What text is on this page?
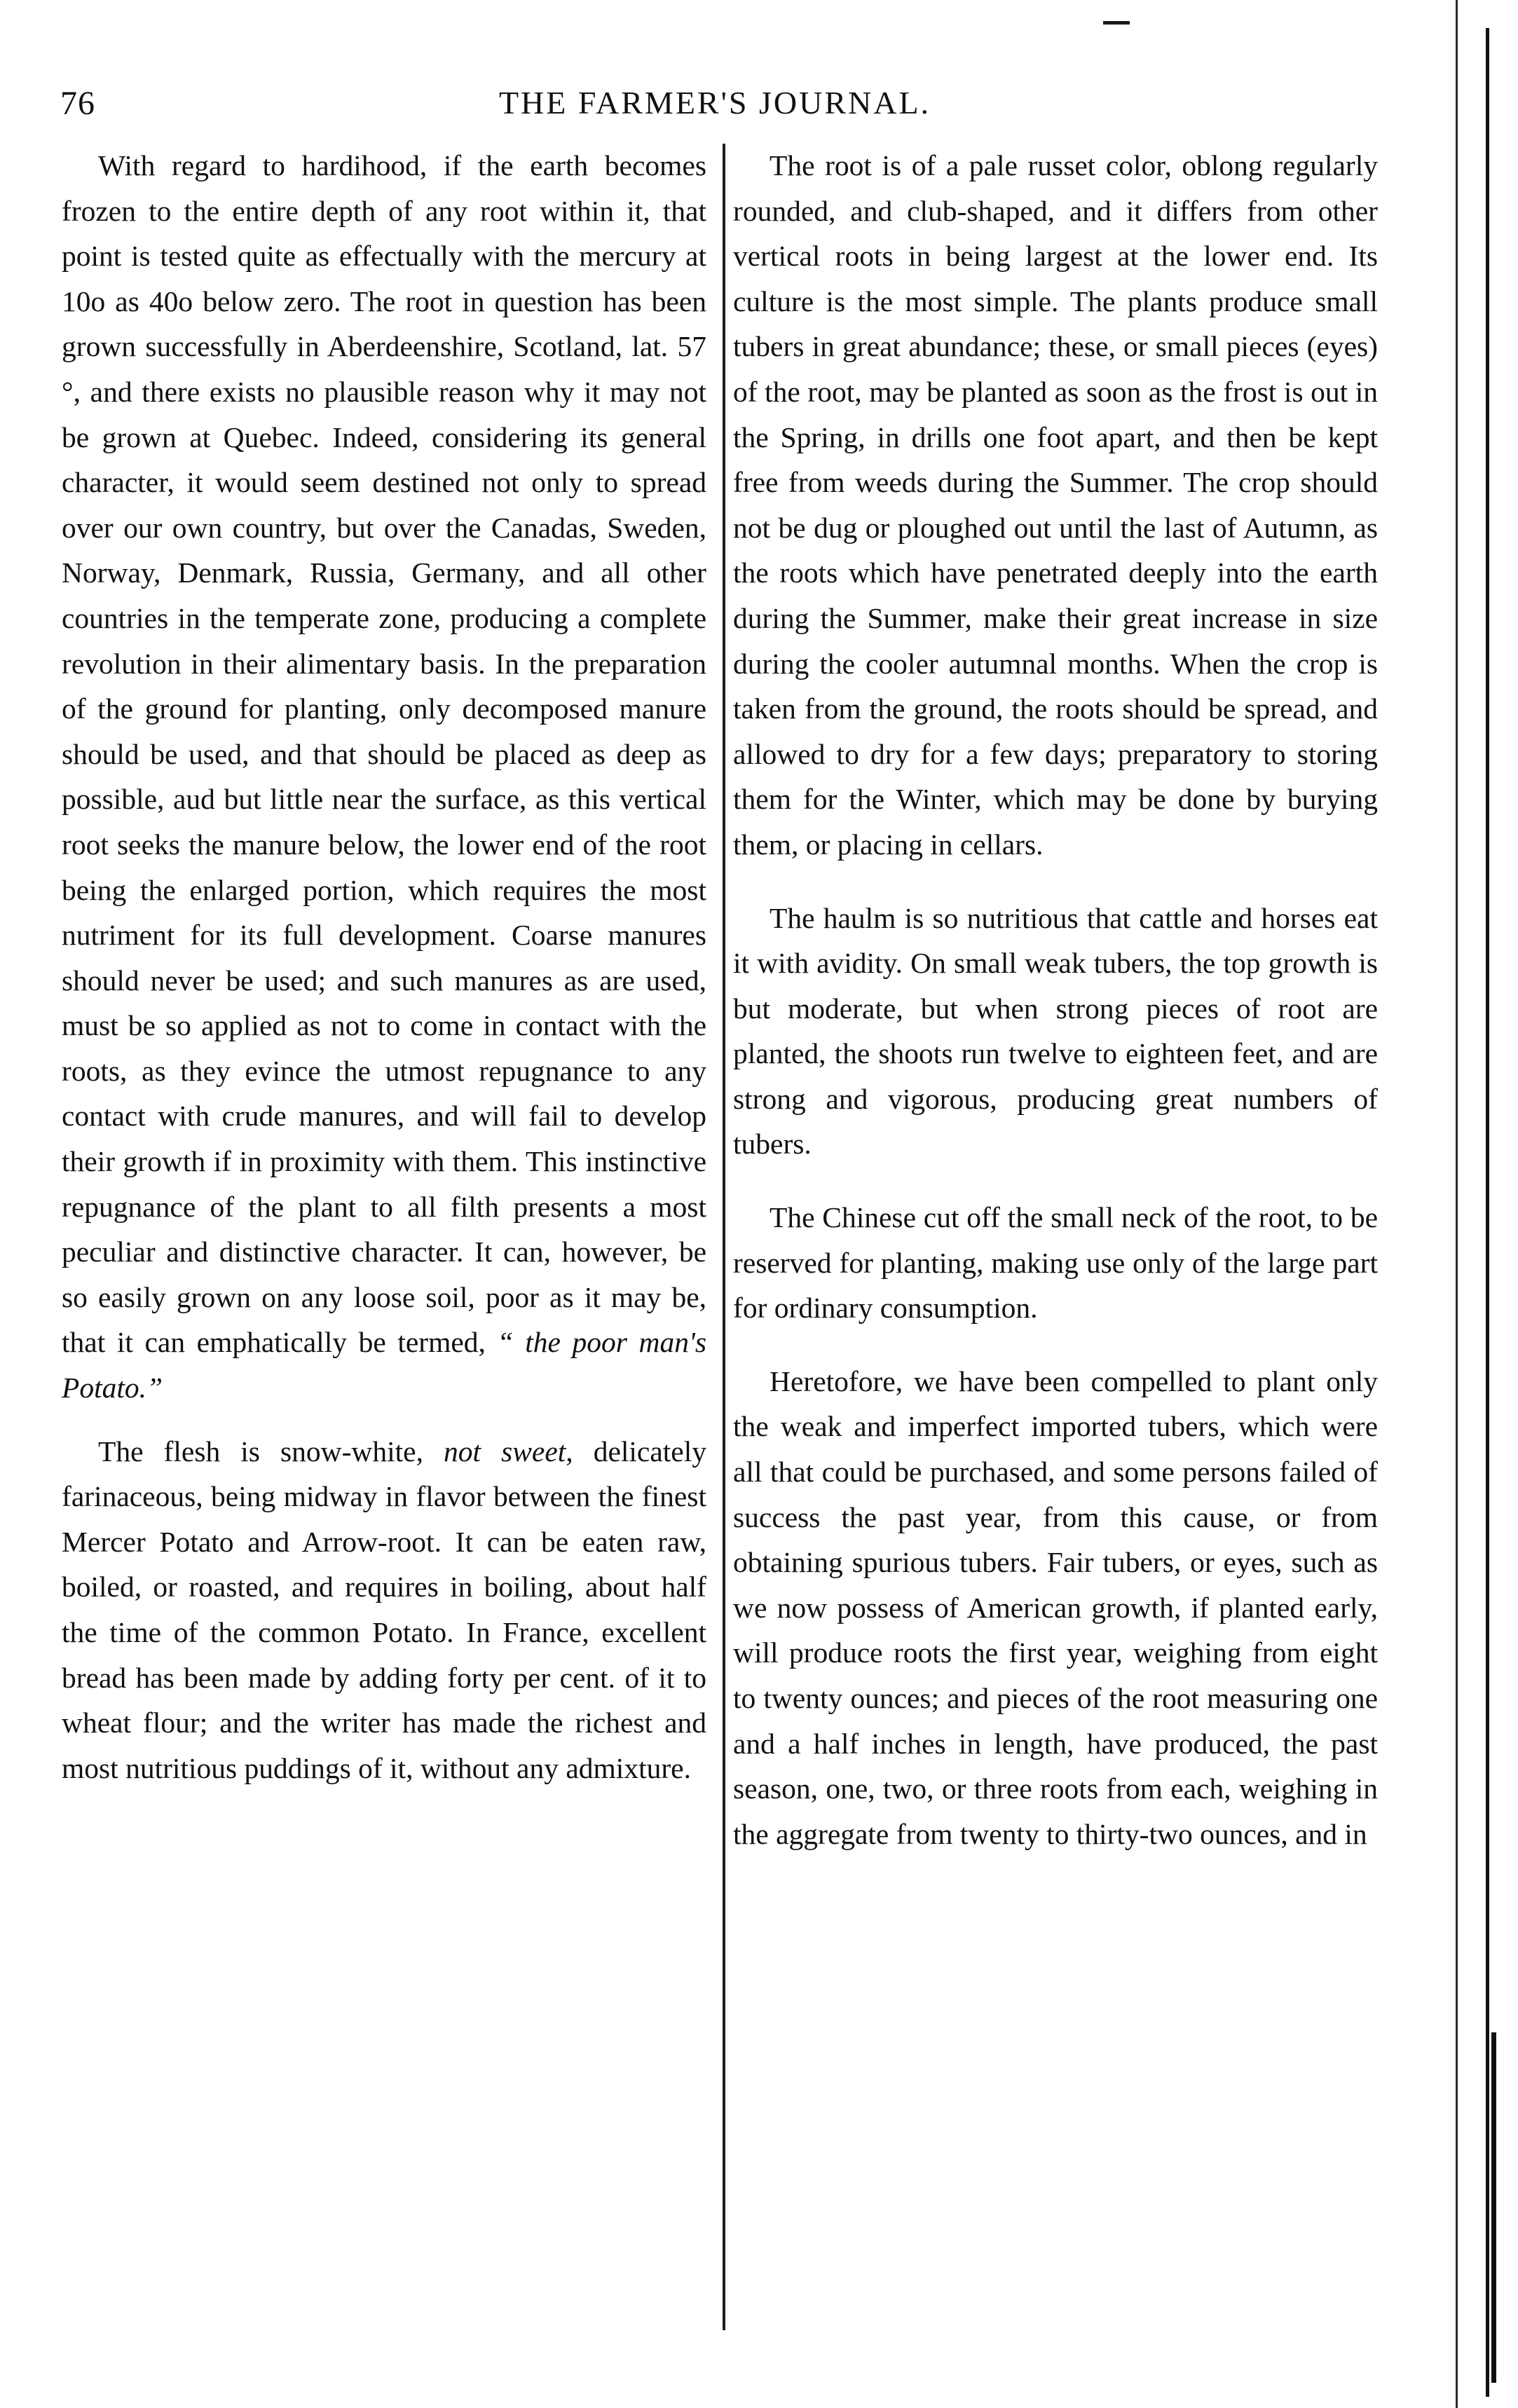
76	THE FARMER'S JOURNAL.

With regard to hardihood, if the earth becomes frozen to the entire depth of any root within it, that point is tested quite as effectually with the mercury at 10o as 40o below zero. The root in question has been grown successfully in Aberdeenshire, Scotland, lat. 57 °, and there exists no plausible reason why it may not be grown at Quebec. Indeed, considering its general character, it would seem destined not only to spread over our own country, but over the Canadas, Sweden, Norway, Denmark, Russia, Germany, and all other countries in the temperate zone, producing a complete revolution in their alimentary basis. In the preparation of the ground for planting, only decomposed manure should be used, and that should be placed as deep as possible, aud but little near the surface, as this vertical root seeks the manure below, the lower end of the root being the enlarged portion, which requires the most nutriment for its full development. Coarse manures should never be used; and such manures as are used, must be so applied as not to come in contact with the roots, as they evince the utmost repugnance to any contact with crude manures, and will fail to develop their growth if in proximity with them. This instinctive repugnance of the plant to all filth presents a most peculiar and distinctive character. It can, however, be so easily grown on any loose soil, poor as it may be, that it can emphatically be termed, “ the poor man's Potato.”

The flesh is snow-white, not sweet, delicately farinaceous, being midway in flavor between the finest Mercer Potato and Arrow-root. It can be eaten raw, boiled, or roasted, and requires in boiling, about half the time of the common Potato. In France, excellent bread has been made by adding forty per cent. of it to wheat flour; and the writer has made the richest and most nutritious puddings of it, without any admixture.

The root is of a pale russet color, oblong regularly rounded, and club-shaped, and it differs from other vertical roots in being largest at the lower end. Its culture is the most simple. The plants produce small tubers in great abundance; these, or small pieces (eyes) of the root, may be planted as soon as the frost is out in the Spring, in drills one foot apart, and then be kept free from weeds during the Summer. The crop should not be dug or ploughed out until the last of Autumn, as the roots which have penetrated deeply into the earth during the Summer, make their great increase in size during the cooler autumnal months. When the crop is taken from the ground, the roots should be spread, and allowed to dry for a few days; preparatory to storing them for the Winter, which may be done by burying them, or placing in cellars.

The haulm is so nutritious that cattle and horses eat it with avidity. On small weak tubers, the top growth is but moderate, but when strong pieces of root are planted, the shoots run twelve to eighteen feet, and are strong and vigorous, producing great numbers of tubers.

The Chinese cut off the small neck of the root, to be reserved for planting, making use only of the large part for ordinary consumption.

Heretofore, we have been compelled to plant only the weak and imperfect imported tubers, which were all that could be purchased, and some persons failed of success the past year, from this cause, or from obtaining spurious tubers. Fair tubers, or eyes, such as we now possess of American growth, if planted early, will produce roots the first year, weighing from eight to twenty ounces; and pieces of the root measuring one and a half inches in length, have produced, the past season, one, two, or three roots from each, weighing in the aggregate from twenty to thirty-two ounces, and in
